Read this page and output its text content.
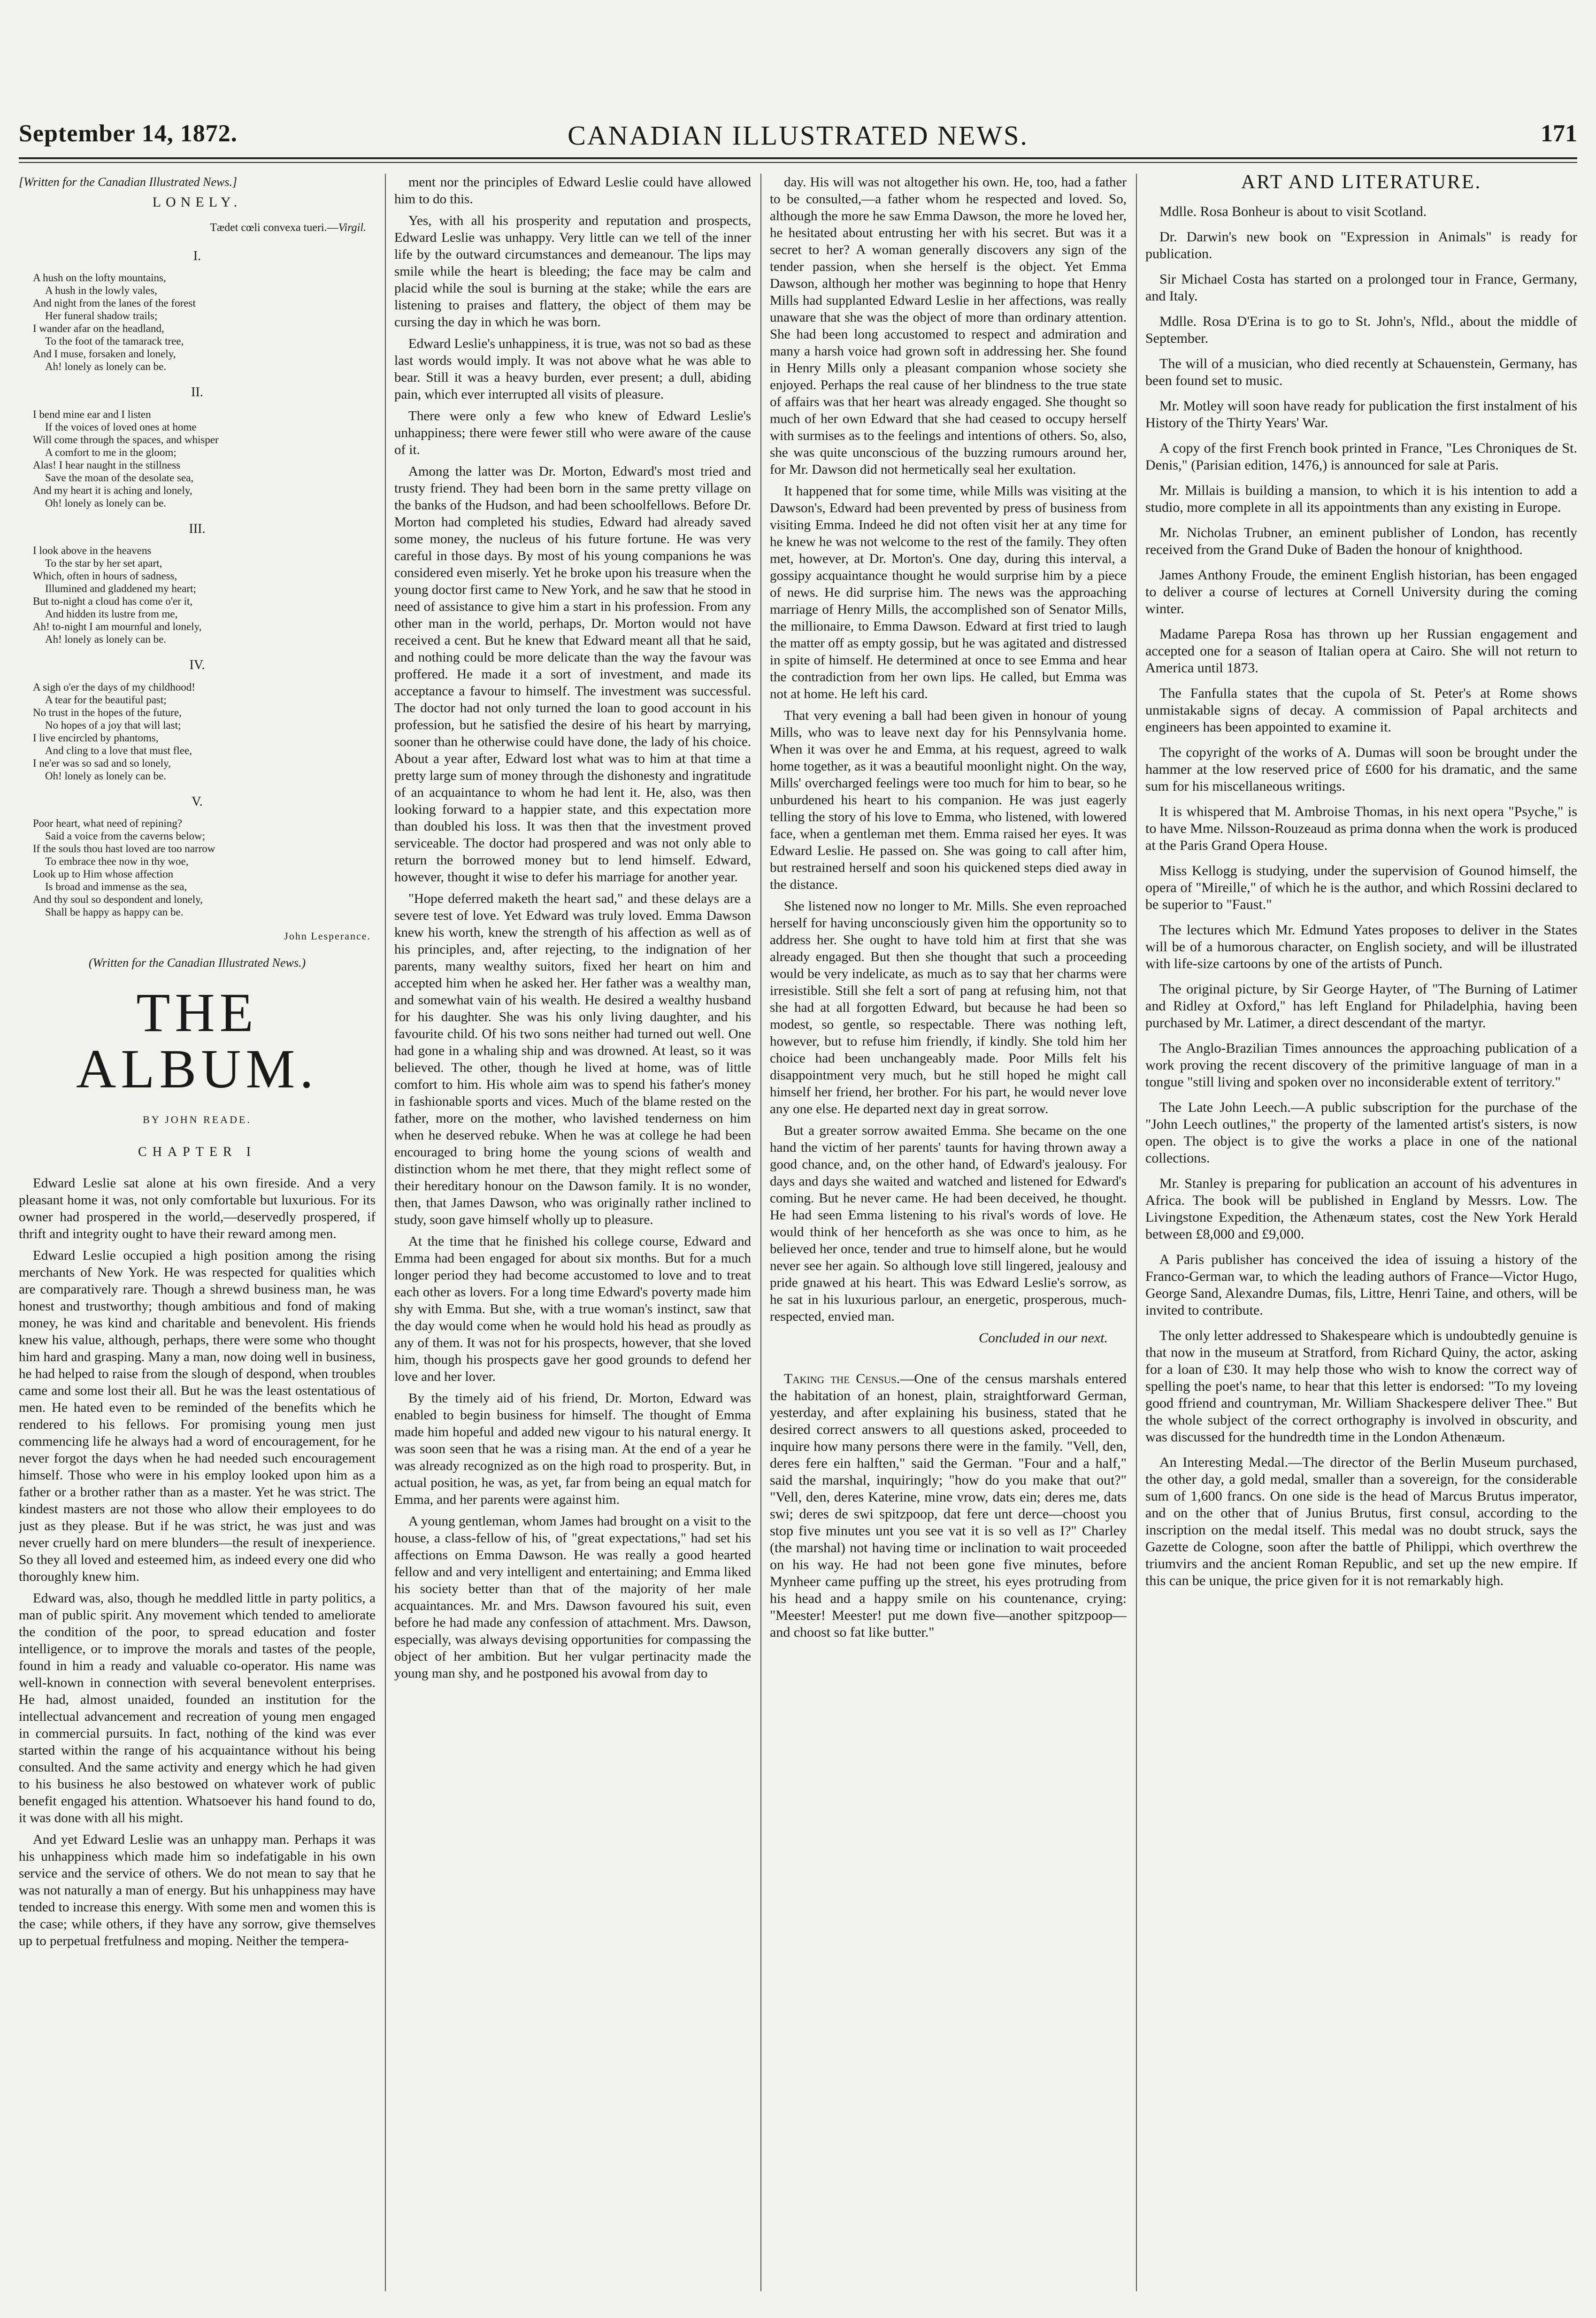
September 14, 1872.	CANADIAN ILLUSTRATED NEWS.	171
[Written for the Canadian Illustrated News.]
LONELY.
Tædet cœli convexa tueri.—Virgil.
I.
A hush on the lofty mountains,
A hush in the lowly vales,
And night from the lanes of the forest
Her funeral shadow trails;
I wander afar on the headland,
To the foot of the tamarack tree,
And I muse, forsaken and lonely,
Ah! lonely as lonely can be.
II.
I bend mine ear and I listen
If the voices of loved ones at home
Will come through the spaces, and whisper
A comfort to me in the gloom;
Alas! I hear naught in the stillness
Save the moan of the desolate sea,
And my heart it is aching and lonely,
Oh! lonely as lonely can be.
III.
I look above in the heavens
To the star by her set apart,
Which, often in hours of sadness,
Illumined and gladdened my heart;
But to-night a cloud has come o'er it,
And hidden its lustre from me,
Ah! to-night I am mournful and lonely,
Ah! lonely as lonely can be.
IV.
A sigh o'er the days of my childhood!
A tear for the beautiful past;
No trust in the hopes of the future,
No hopes of a joy that will last;
I live encircled by phantoms,
And cling to a love that must flee,
I ne'er was so sad and so lonely,
Oh! lonely as lonely can be.
V.
Poor heart, what need of repining?
Said a voice from the caverns below;
If the souls thou hast loved are too narrow
To embrace thee now in thy woe,
Look up to Him whose affection
Is broad and immense as the sea,
And thy soul so despondent and lonely,
Shall be happy as happy can be.
John Lesperance.
(Written for the Canadian Illustrated News.)
THE ALBUM.
BY JOHN READE.
CHAPTER I

Edward Leslie sat alone at his own fireside. And a very pleasant home it was, not only comfortable but luxurious. For its owner had prospered in the world,—deservedly prospered, if thrift and integrity ought to have their reward among men.

Edward Leslie occupied a high position among the rising merchants of New York. He was respected for qualities which are comparatively rare. Though a shrewd business man, he was honest and trustworthy; though ambitious and fond of making money, he was kind and charitable and benevolent. His friends knew his value, although, perhaps, there were some who thought him hard and grasping. Many a man, now doing well in business, he had helped to raise from the slough of despond, when troubles came and some lost their all. But he was the least ostentatious of men. He hated even to be reminded of the benefits which he rendered to his fellows. For promising young men just commencing life he always had a word of encouragement, for he never forgot the days when he had needed such encouragement himself. Those who were in his employ looked upon him as a father or a brother rather than as a master. Yet he was strict. The kindest masters are not those who allow their employees to do just as they please. But if he was strict, he was just and was never cruelly hard on mere blunders—the result of inexperience. So they all loved and esteemed him, as indeed every one did who thoroughly knew him.

Edward was, also, though he meddled little in party politics, a man of public spirit. Any movement which tended to ameliorate the condition of the poor, to spread education and foster intelligence, or to improve the morals and tastes of the people, found in him a ready and valuable co-operator. His name was well-known in connection with several benevolent enterprises. He had, almost unaided, founded an institution for the intellectual advancement and recreation of young men engaged in commercial pursuits. In fact, nothing of the kind was ever started within the range of his acquaintance without his being consulted. And the same activity and energy which he had given to his business he also bestowed on whatever work of public benefit engaged his attention. Whatsoever his hand found to do, it was done with all his might.

And yet Edward Leslie was an unhappy man. Perhaps it was his unhappiness which made him so indefatigable in his own service and the service of others. We do not mean to say that he was not naturally a man of energy. But his unhappiness may have tended to increase this energy. With some men and women this is the case; while others, if they have any sorrow, give themselves up to perpetual fretfulness and moping. Neither the tempera-

ment nor the principles of Edward Leslie could have allowed him to do this.

Yes, with all his prosperity and reputation and prospects, Edward Leslie was unhappy. Very little can we tell of the inner life by the outward circumstances and demeanour. The lips may smile while the heart is bleeding; the face may be calm and placid while the soul is burning at the stake; while the ears are listening to praises and flattery, the object of them may be cursing the day in which he was born.

Edward Leslie's unhappiness, it is true, was not so bad as these last words would imply. It was not above what he was able to bear. Still it was a heavy burden, ever present; a dull, abiding pain, which ever interrupted all visits of pleasure.

There were only a few who knew of Edward Leslie's unhappiness; there were fewer still who were aware of the cause of it.

Among the latter was Dr. Morton, Edward's most tried and trusty friend. They had been born in the same pretty village on the banks of the Hudson, and had been schoolfellows. Before Dr. Morton had completed his studies, Edward had already saved some money, the nucleus of his future fortune. He was very careful in those days. By most of his young companions he was considered even miserly. Yet he broke upon his treasure when the young doctor first came to New York, and he saw that he stood in need of assistance to give him a start in his profession. From any other man in the world, perhaps, Dr. Morton would not have received a cent. But he knew that Edward meant all that he said, and nothing could be more delicate than the way the favour was proffered. He made it a sort of investment, and made its acceptance a favour to himself. The investment was successful. The doctor had not only turned the loan to good account in his profession, but he satisfied the desire of his heart by marrying, sooner than he otherwise could have done, the lady of his choice. About a year after, Edward lost what was to him at that time a pretty large sum of money through the dishonesty and ingratitude of an acquaintance to whom he had lent it. He, also, was then looking forward to a happier state, and this expectation more than doubled his loss. It was then that the investment proved serviceable. The doctor had prospered and was not only able to return the borrowed money but to lend himself. Edward, however, thought it wise to defer his marriage for another year.

"Hope deferred maketh the heart sad," and these delays are a severe test of love. Yet Edward was truly loved. Emma Dawson knew his worth, knew the strength of his affection as well as of his principles, and, after rejecting, to the indignation of her parents, many wealthy suitors, fixed her heart on him and accepted him when he asked her. Her father was a wealthy man, and somewhat vain of his wealth. He desired a wealthy husband for his daughter. She was his only living daughter, and his favourite child. Of his two sons neither had turned out well. One had gone in a whaling ship and was drowned. At least, so it was believed. The other, though he lived at home, was of little comfort to him. His whole aim was to spend his father's money in fashionable sports and vices. Much of the blame rested on the father, more on the mother, who lavished tenderness on him when he deserved rebuke. When he was at college he had been encouraged to bring home the young scions of wealth and distinction whom he met there, that they might reflect some of their hereditary honour on the Dawson family. It is no wonder, then, that James Dawson, who was originally rather inclined to study, soon gave himself wholly up to pleasure.

At the time that he finished his college course, Edward and Emma had been engaged for about six months. But for a much longer period they had become accustomed to love and to treat each other as lovers. For a long time Edward's poverty made him shy with Emma. But she, with a true woman's instinct, saw that the day would come when he would hold his head as proudly as any of them. It was not for his prospects, however, that she loved him, though his prospects gave her good grounds to defend her love and her lover.

By the timely aid of his friend, Dr. Morton, Edward was enabled to begin business for himself. The thought of Emma made him hopeful and added new vigour to his natural energy. It was soon seen that he was a rising man. At the end of a year he was already recognized as on the high road to prosperity. But, in actual position, he was, as yet, far from being an equal match for Emma, and her parents were against him.

A young gentleman, whom James had brought on a visit to the house, a class-fellow of his, of "great expectations," had set his affections on Emma Dawson. He was really a good hearted fellow and and very intelligent and entertaining; and Emma liked his society better than that of the majority of her male acquaintances. Mr. and Mrs. Dawson favoured his suit, even before he had made any confession of attachment. Mrs. Dawson, especially, was always devising opportunities for compassing the object of her ambition. But her vulgar pertinacity made the young man shy, and he postponed his avowal from day to

day. His will was not altogether his own. He, too, had a father to be consulted,—a father whom he respected and loved. So, although the more he saw Emma Dawson, the more he loved her, he hesitated about entrusting her with his secret. But was it a secret to her? A woman generally discovers any sign of the tender passion, when she herself is the object. Yet Emma Dawson, although her mother was beginning to hope that Henry Mills had supplanted Edward Leslie in her affections, was really unaware that she was the object of more than ordinary attention. She had been long accustomed to respect and admiration and many a harsh voice had grown soft in addressing her. She found in Henry Mills only a pleasant companion whose society she enjoyed. Perhaps the real cause of her blindness to the true state of affairs was that her heart was already engaged. She thought so much of her own Edward that she had ceased to occupy herself with surmises as to the feelings and intentions of others. So, also, she was quite unconscious of the buzzing rumours around her, for Mr. Dawson did not hermetically seal her exultation.

It happened that for some time, while Mills was visiting at the Dawson's, Edward had been prevented by press of business from visiting Emma. Indeed he did not often visit her at any time for he knew he was not welcome to the rest of the family. They often met, however, at Dr. Morton's. One day, during this interval, a gossipy acquaintance thought he would surprise him by a piece of news. He did surprise him. The news was the approaching marriage of Henry Mills, the accomplished son of Senator Mills, the millionaire, to Emma Dawson. Edward at first tried to laugh the matter off as empty gossip, but he was agitated and distressed in spite of himself. He determined at once to see Emma and hear the contradiction from her own lips. He called, but Emma was not at home. He left his card.

That very evening a ball had been given in honour of young Mills, who was to leave next day for his Pennsylvania home. When it was over he and Emma, at his request, agreed to walk home together, as it was a beautiful moonlight night. On the way, Mills' overcharged feelings were too much for him to bear, so he unburdened his heart to his companion. He was just eagerly telling the story of his love to Emma, who listened, with lowered face, when a gentleman met them. Emma raised her eyes. It was Edward Leslie. He passed on. She was going to call after him, but restrained herself and soon his quickened steps died away in the distance.

She listened now no longer to Mr. Mills. She even reproached herself for having unconsciously given him the opportunity so to address her. She ought to have told him at first that she was already engaged. But then she thought that such a proceeding would be very indelicate, as much as to say that her charms were irresistible. Still she felt a sort of pang at refusing him, not that she had at all forgotten Edward, but because he had been so modest, so gentle, so respectable. There was nothing left, however, but to refuse him friendly, if kindly. She told him her choice had been unchangeably made. Poor Mills felt his disappointment very much, but he still hoped he might call himself her friend, her brother. For his part, he would never love any one else. He departed next day in great sorrow.

But a greater sorrow awaited Emma. She became on the one hand the victim of her parents' taunts for having thrown away a good chance, and, on the other hand, of Edward's jealousy. For days and days she waited and watched and listened for Edward's coming. But he never came. He had been deceived, he thought. He had seen Emma listening to his rival's words of love. He would think of her henceforth as she was once to him, as he believed her once, tender and true to himself alone, but he would never see her again. So although love still lingered, jealousy and pride gnawed at his heart. This was Edward Leslie's sorrow, as he sat in his luxurious parlour, an energetic, prosperous, much-respected, envied man.

Concluded in our next.

Taking the Census.—One of the census marshals entered the habitation of an honest, plain, straightforward German, yesterday, and after explaining his business, stated that he desired correct answers to all questions asked, proceeded to inquire how many persons there were in the family. "Vell, den, deres fere ein halften," said the German. "Four and a half," said the marshal, inquiringly; "how do you make that out?" "Vell, den, deres Katerine, mine vrow, dats ein; deres me, dats swi; deres de swi spitzpoop, dat fere unt derce—choost you stop five minutes unt you see vat it is so vell as I?" Charley (the marshal) not having time or inclination to wait proceeded on his way. He had not been gone five minutes, before Mynheer came puffing up the street, his eyes protruding from his head and a happy smile on his countenance, crying: "Meester! Meester! put me down five—another spitzpoop—and choost so fat like butter."

ART AND LITERATURE.

Mdlle. Rosa Bonheur is about to visit Scotland.

Dr. Darwin's new book on "Expression in Animals" is ready for publication.

Sir Michael Costa has started on a prolonged tour in France, Germany, and Italy.

Mdlle. Rosa D'Erina is to go to St. John's, Nfld., about the middle of September.

The will of a musician, who died recently at Schauenstein, Germany, has been found set to music.

Mr. Motley will soon have ready for publication the first instalment of his History of the Thirty Years' War.

A copy of the first French book printed in France, "Les Chroniques de St. Denis," (Parisian edition, 1476,) is announced for sale at Paris.

Mr. Millais is building a mansion, to which it is his intention to add a studio, more complete in all its appointments than any existing in Europe.

Mr. Nicholas Trubner, an eminent publisher of London, has recently received from the Grand Duke of Baden the honour of knighthood.

James Anthony Froude, the eminent English historian, has been engaged to deliver a course of lectures at Cornell University during the coming winter.

Madame Parepa Rosa has thrown up her Russian engagement and accepted one for a season of Italian opera at Cairo. She will not return to America until 1873.

The Fanfulla states that the cupola of St. Peter's at Rome shows unmistakable signs of decay. A commission of Papal architects and engineers has been appointed to examine it.

The copyright of the works of A. Dumas will soon be brought under the hammer at the low reserved price of £600 for his dramatic, and the same sum for his miscellaneous writings.

It is whispered that M. Ambroise Thomas, in his next opera "Psyche," is to have Mme. Nilsson-Rouzeaud as prima donna when the work is produced at the Paris Grand Opera House.

Miss Kellogg is studying, under the supervision of Gounod himself, the opera of "Mireille," of which he is the author, and which Rossini declared to be superior to "Faust."

The lectures which Mr. Edmund Yates proposes to deliver in the States will be of a humorous character, on English society, and will be illustrated with life-size cartoons by one of the artists of Punch.

The original picture, by Sir George Hayter, of "The Burning of Latimer and Ridley at Oxford," has left England for Philadelphia, having been purchased by Mr. Latimer, a direct descendant of the martyr.

The Anglo-Brazilian Times announces the approaching publication of a work proving the recent discovery of the primitive language of man in a tongue "still living and spoken over no inconsiderable extent of territory."

The Late John Leech.—A public subscription for the purchase of the "John Leech outlines," the property of the lamented artist's sisters, is now open. The object is to give the works a place in one of the national collections.

Mr. Stanley is preparing for publication an account of his adventures in Africa. The book will be published in England by Messrs. Low. The Livingstone Expedition, the Athenæum states, cost the New York Herald between £8,000 and £9,000.

A Paris publisher has conceived the idea of issuing a history of the Franco-German war, to which the leading authors of France—Victor Hugo, George Sand, Alexandre Dumas, fils, Littre, Henri Taine, and others, will be invited to contribute.

The only letter addressed to Shakespeare which is undoubtedly genuine is that now in the museum at Stratford, from Richard Quiny, the actor, asking for a loan of £30. It may help those who wish to know the correct way of spelling the poet's name, to hear that this letter is endorsed: "To my loveing good ffriend and countryman, Mr. William Shackespere deliver Thee." But the whole subject of the correct orthography is involved in obscurity, and was discussed for the hundredth time in the London Athenæum.

An Interesting Medal.—The director of the Berlin Museum purchased, the other day, a gold medal, smaller than a sovereign, for the considerable sum of 1,600 francs. On one side is the head of Marcus Brutus imperator, and on the other that of Junius Brutus, first consul, according to the inscription on the medal itself. This medal was no doubt struck, says the Gazette de Cologne, soon after the battle of Philippi, which overthrew the triumvirs and the ancient Roman Republic, and set up the new empire. If this can be unique, the price given for it is not remarkably high.
